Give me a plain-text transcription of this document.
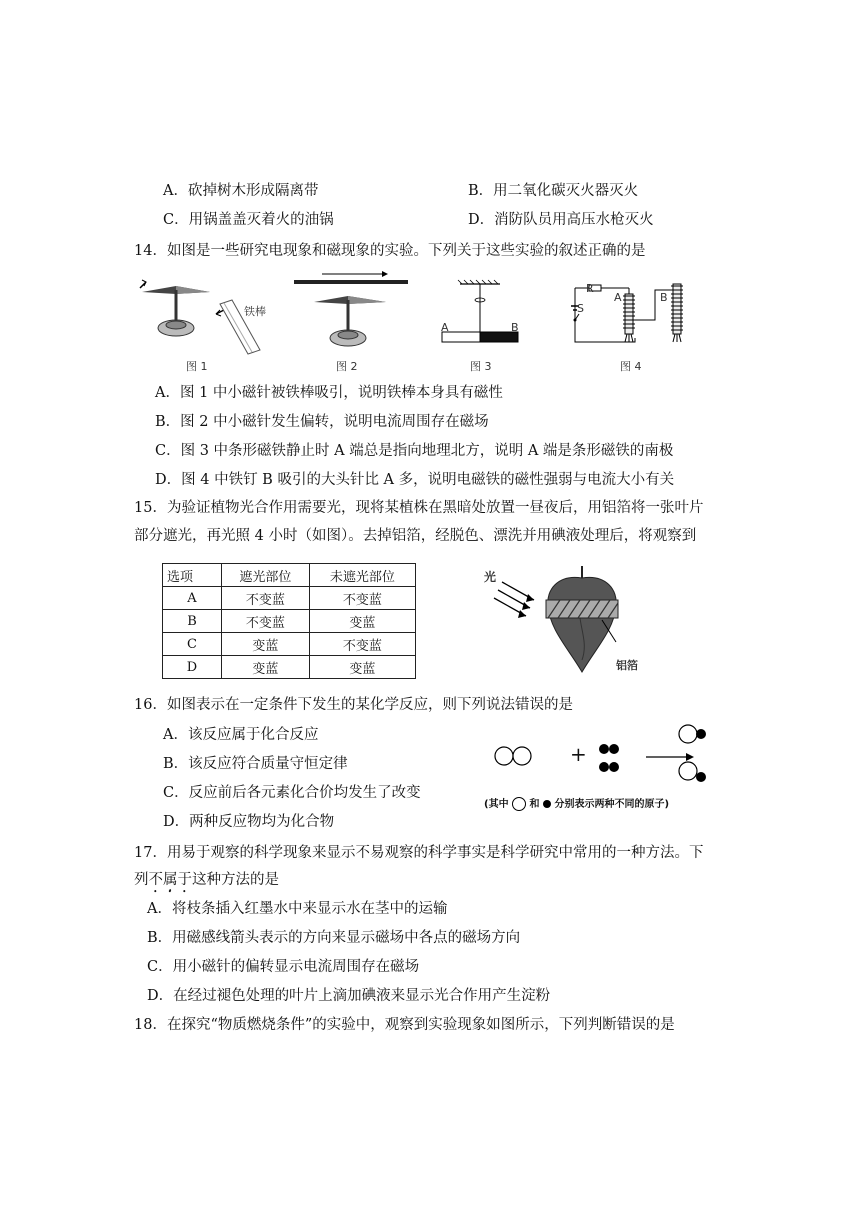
A．砍掉树木形成隔离带	B．用二氧化碳灭火器灭火
C．用锅盖盖灭着火的油锅	D．消防队员用高压水枪灭火
14．如图是一些研究电现象和磁现象的实验。下列关于这些实验的叙述正确的是
铁棒
图 1	图 2
A	B
图 3
R
S
A	B
图 4
A．图 1 中小磁针被铁棒吸引，说明铁棒本身具有磁性
B．图 2 中小磁针发生偏转，说明电流周围存在磁场
C．图 3 中条形磁铁静止时 A 端总是指向地理北方，说明 A 端是条形磁铁的南极
D．图 4 中铁钉 B 吸引的大头针比 A 多，说明电磁铁的磁性强弱与电流大小有关
15．为验证植物光合作用需要光，现将某植株在黑暗处放置一昼夜后，用铝箔将一张叶片
部分遮光，再光照 4 小时（如图）。去掉铝箔，经脱色、漂洗并用碘液处理后，将观察到
选项	遮光部位	未遮光部位
A	不变蓝	不变蓝
B	不变蓝	变蓝
C	变蓝	不变蓝
D	变蓝	变蓝
光
铝箔
16．如图表示在一定条件下发生的某化学反应，则下列说法错误的是
A．该反应属于化合反应
B．该反应符合质量守恒定律
C．反应前后各元素化合价均发生了改变
D．两种反应物均为化合物
+
(其中 和 分别表示两种不同的原子)
17．用易于观察的科学现象来显示不易观察的科学事实是科学研究中常用的一种方法。下
列不属于这种方法的是
A．将枝条插入红墨水中来显示水在茎中的运输
B．用磁感线箭头表示的方向来显示磁场中各点的磁场方向
C．用小磁针的偏转显示电流周围存在磁场
D．在经过褪色处理的叶片上滴加碘液来显示光合作用产生淀粉
18．在探究“物质燃烧条件”的实验中，观察到实验现象如图所示，下列判断错误的是
